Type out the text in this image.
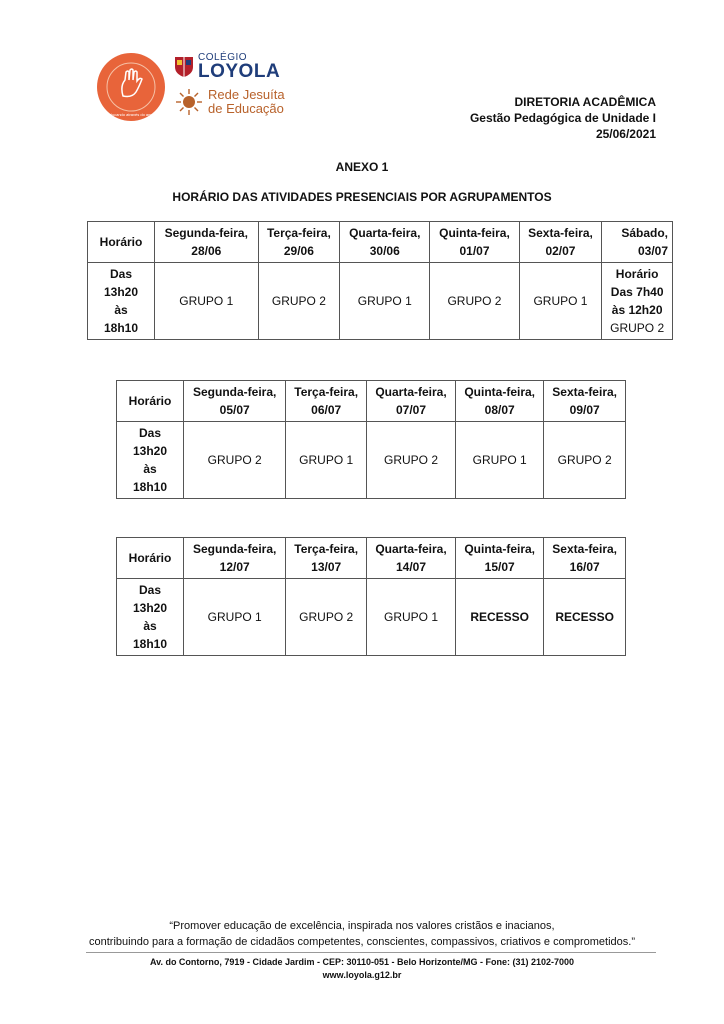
Educando através do amor
COLÉGIO
LOYOLA
Rede Jesuíta
de Educação	DIRETORIA ACADÊMICA
Gestão Pedagógica de Unidade I
25/06/2021
ANEXO 1
HORÁRIO DAS ATIVIDADES PRESENCIAIS POR AGRUPAMENTOS
Horário	Segunda-feira,
28/06	Terça-feira,
29/06	Quarta-feira,
30/06	Quinta-feira,
01/07	Sexta-feira,
02/07	Sábado,
03/07
Das
13h20
às
18h10	GRUPO 1	GRUPO 2	GRUPO 1	GRUPO 2	GRUPO 1	Horário
Das 7h40
às 12h20
GRUPO 2
Horário	Segunda-feira,
05/07	Terça-feira,
06/07	Quarta-feira,
07/07	Quinta-feira,
08/07	Sexta-feira,
09/07
Das
13h20
às
18h10	GRUPO 2	GRUPO 1	GRUPO 2	GRUPO 1	GRUPO 2
Horário	Segunda-feira,
12/07	Terça-feira,
13/07	Quarta-feira,
14/07	Quinta-feira,
15/07	Sexta-feira,
16/07
Das
13h20
às
18h10	GRUPO 1	GRUPO 2	GRUPO 1	RECESSO	RECESSO
“Promover educação de excelência, inspirada nos valores cristãos e inacianos,
contribuindo para a formação de cidadãos competentes, conscientes, compassivos, criativos e comprometidos.”
Av. do Contorno, 7919 - Cidade Jardim - CEP: 30110-051 - Belo Horizonte/MG - Fone: (31) 2102-7000
www.loyola.g12.br
